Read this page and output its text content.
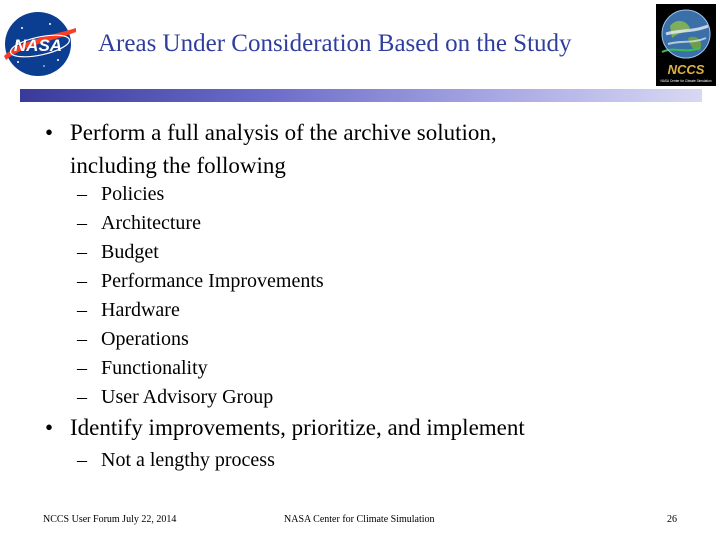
NASA Areas Under Consideration Based on the Study
NCCS
NASA Center for Climate Simulation
• Perform a full analysis of the archive solution,
including the following
– Policies
– Architecture
– Budget
– Performance Improvements
– Hardware
– Operations
– Functionality
– User Advisory Group
• Identify improvements, prioritize, and implement
– Not a lengthy process
NCCS User Forum July 22, 2014	NASA Center for Climate Simulation	26
